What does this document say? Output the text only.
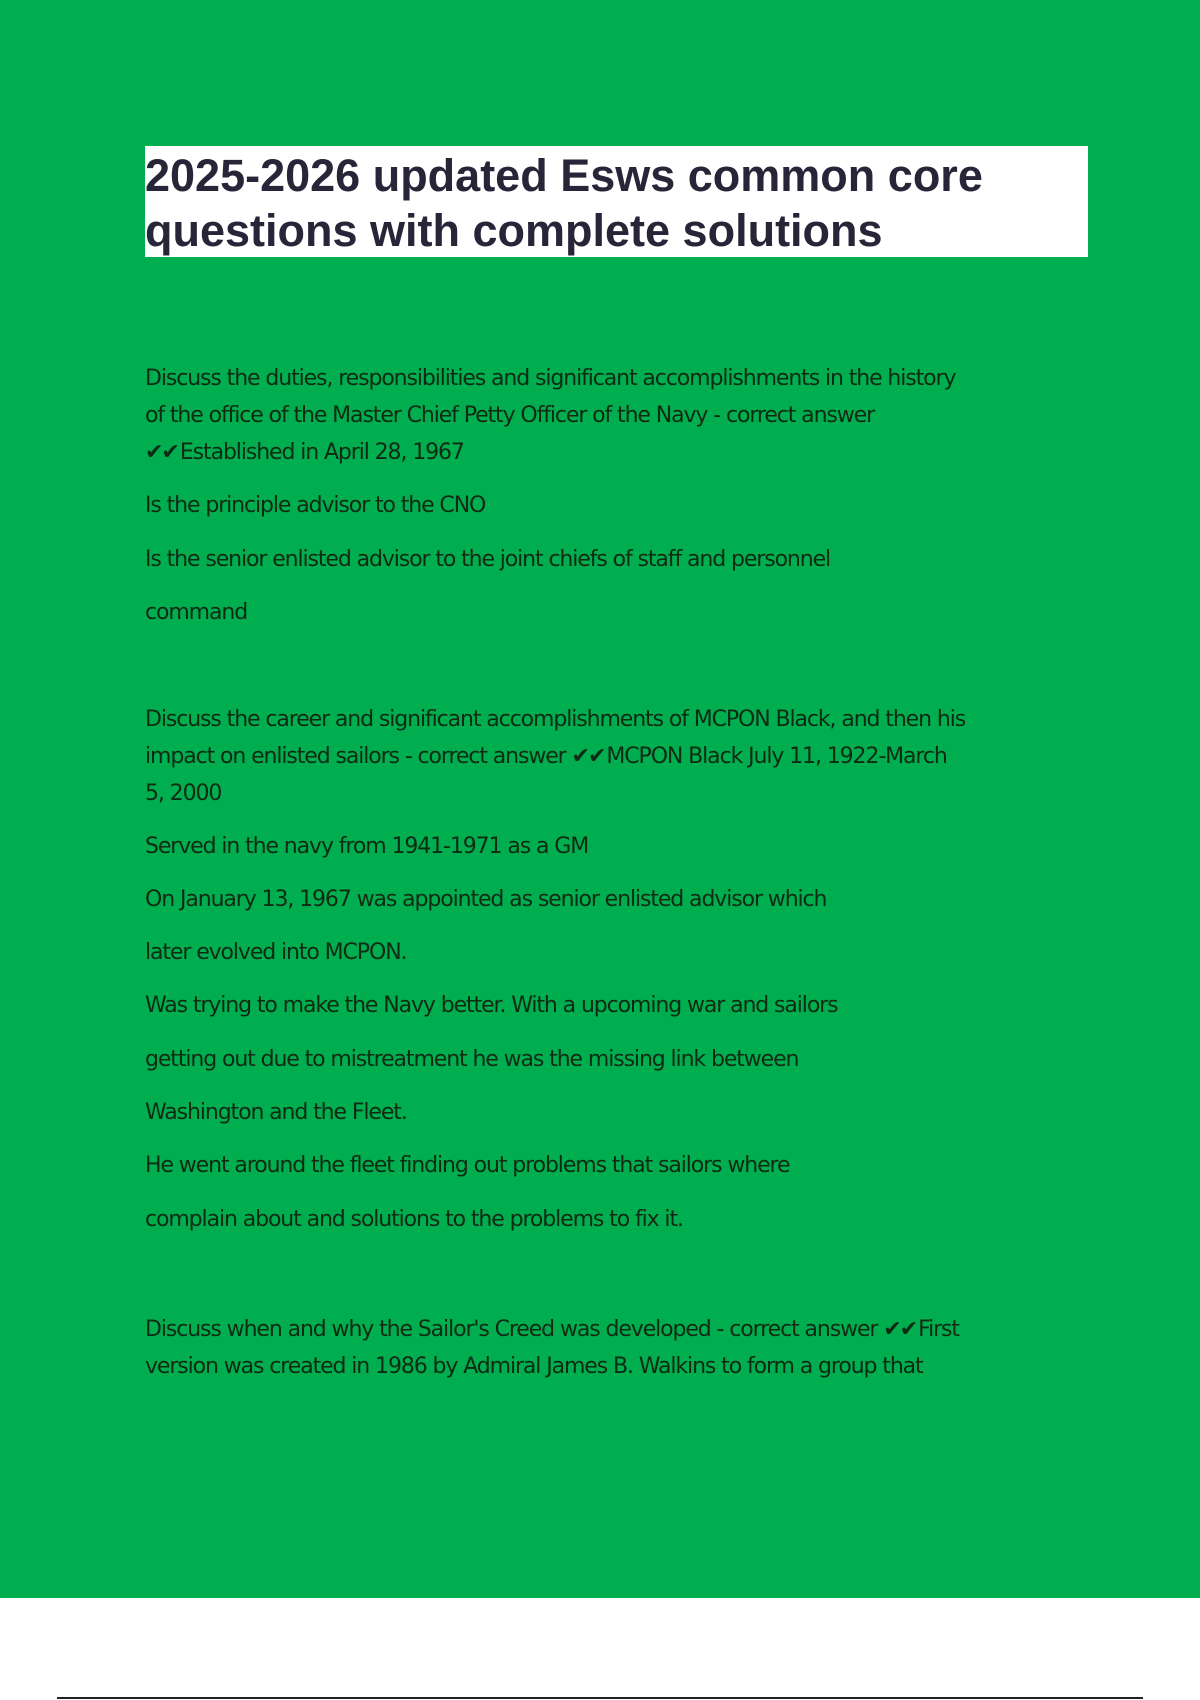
2025-2026 updated Esws common core
questions with complete solutions
Discuss the duties, responsibilities and significant accomplishments in the history
of the office of the Master Chief Petty Officer of the Navy - correct answer
✔✔Established in April 28, 1967
Is the principle advisor to the CNO
Is the senior enlisted advisor to the joint chiefs of staff and personnel
command
Discuss the career and significant accomplishments of MCPON Black, and then his
impact on enlisted sailors - correct answer ✔✔MCPON Black July 11, 1922-March
5, 2000
Served in the navy from 1941-1971 as a GM
On January 13, 1967 was appointed as senior enlisted advisor which
later evolved into MCPON.
Was trying to make the Navy better. With a upcoming war and sailors
getting out due to mistreatment he was the missing link between
Washington and the Fleet.
He went around the fleet finding out problems that sailors where
complain about and solutions to the problems to fix it.
Discuss when and why the Sailor's Creed was developed - correct answer ✔✔First
version was created in 1986 by Admiral James B. Walkins to form a group that
